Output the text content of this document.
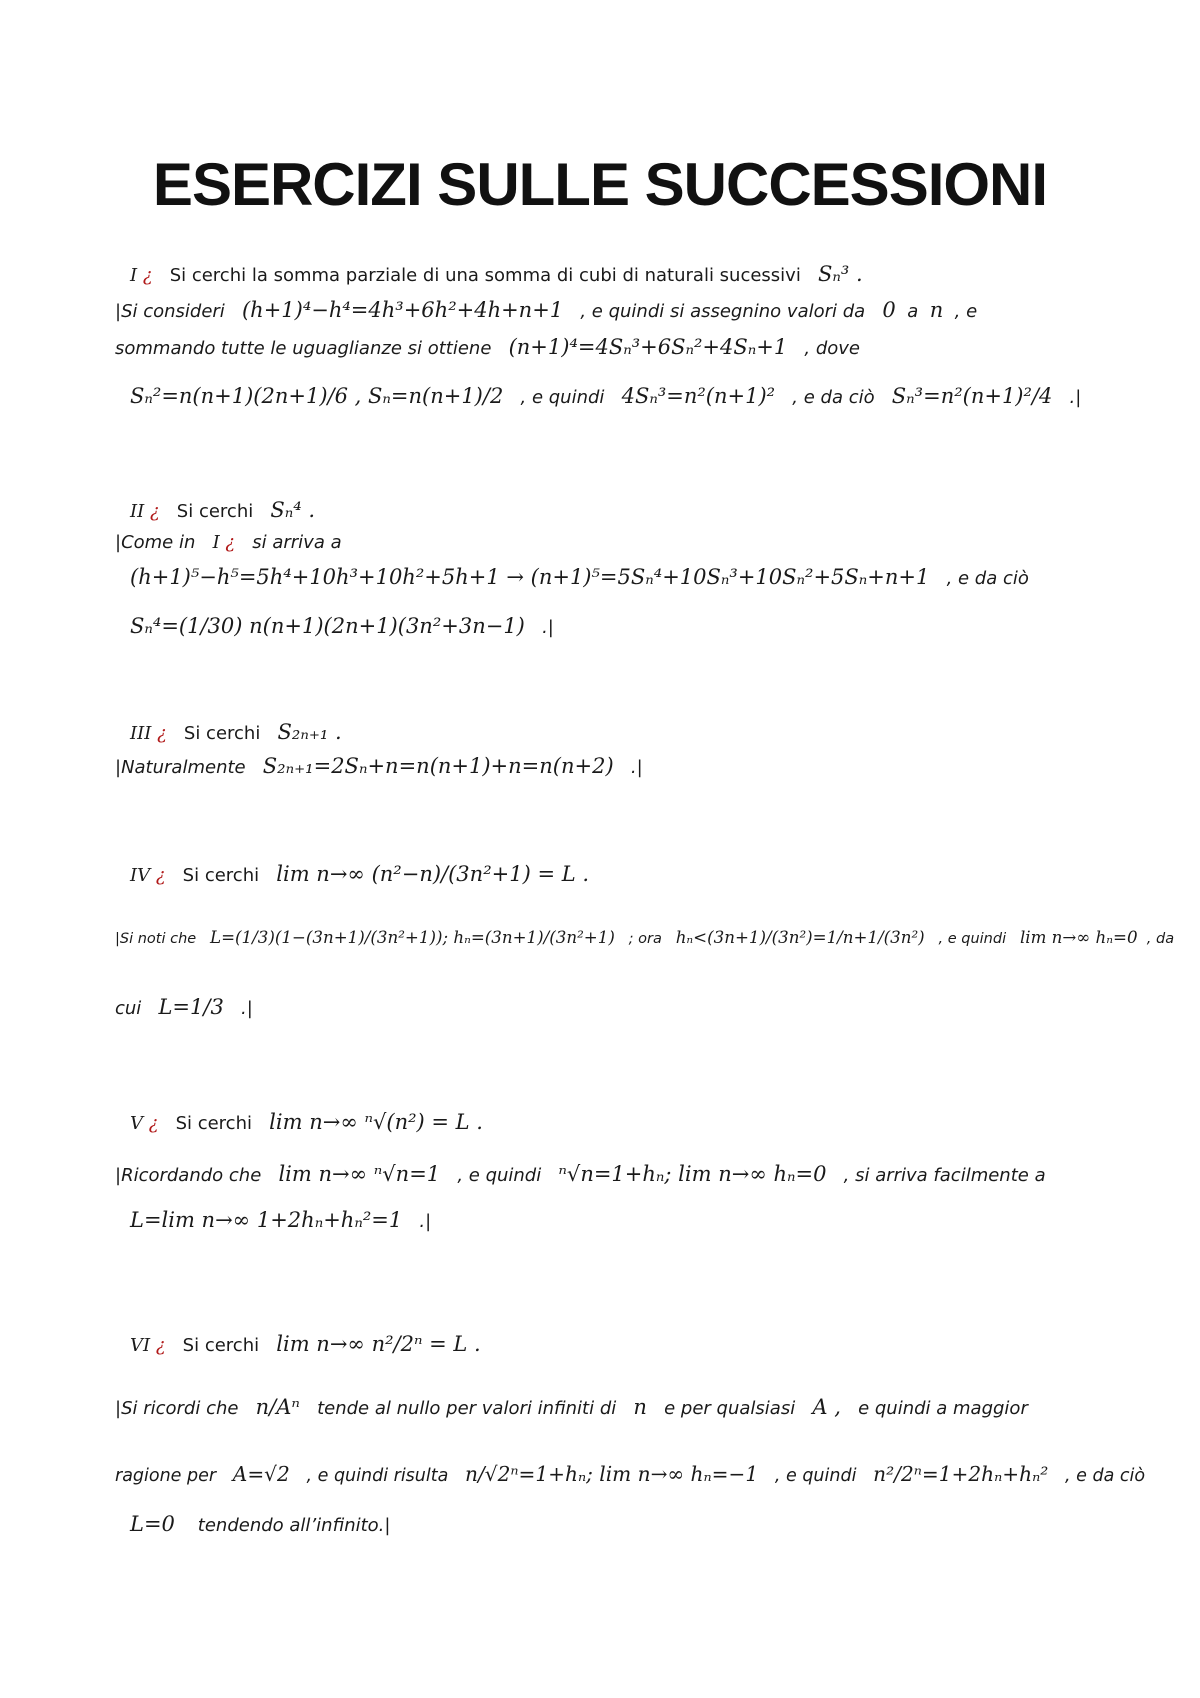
ESERCIZI SULLE SUCCESSIONI
I ¿ Si cerchi la somma parziale di una somma di cubi di naturali sucessivi Sₙ³ .
|Si consideri (h+1)⁴−h⁴=4h³+6h²+4h+n+1 , e quindi si assegnino valori da 0 a n , e
sommando tutte le uguaglianze si ottiene (n+1)⁴=4Sₙ³+6Sₙ²+4Sₙ+1 , dove
Sₙ²=n(n+1)(2n+1)/6 , Sₙ=n(n+1)/2 , e quindi 4Sₙ³=n²(n+1)² , e da ciò Sₙ³=n²(n+1)²/4 .|
II ¿ Si cerchi Sₙ⁴ .
|Come in I ¿ si arriva a
(h+1)⁵−h⁵=5h⁴+10h³+10h²+5h+1 → (n+1)⁵=5Sₙ⁴+10Sₙ³+10Sₙ²+5Sₙ+n+1 , e da ciò
Sₙ⁴=(1/30) n(n+1)(2n+1)(3n²+3n−1) .|
III ¿ Si cerchi S₂ₙ₊₁ .
|Naturalmente S₂ₙ₊₁=2Sₙ+n=n(n+1)+n=n(n+2) .|
IV ¿ Si cerchi lim n→∞ (n²−n)/(3n²+1) = L .
|Si noti che L=(1/3)(1−(3n+1)/(3n²+1)); hₙ=(3n+1)/(3n²+1) ; ora hₙ<(3n+1)/(3n²)=1/n+1/(3n²) , e quindi lim n→∞ hₙ=0 , da
cui L=1/3 .|
V ¿ Si cerchi lim n→∞ ⁿ√(n²) = L .
|Ricordando che lim n→∞ ⁿ√n=1 , e quindi ⁿ√n=1+hₙ; lim n→∞ hₙ=0 , si arriva facilmente a
L=lim n→∞ 1+2hₙ+hₙ²=1 .|
VI ¿ Si cerchi lim n→∞ n²/2ⁿ = L .
|Si ricordi che n/Aⁿ tende al nullo per valori infiniti di n e per qualsiasi A , e quindi a maggior
ragione per A=√2 , e quindi risulta n/√2ⁿ=1+hₙ; lim n→∞ hₙ=−1 , e quindi n²/2ⁿ=1+2hₙ+hₙ² , e da ciò
L=0 tendendo all’infinito.|
